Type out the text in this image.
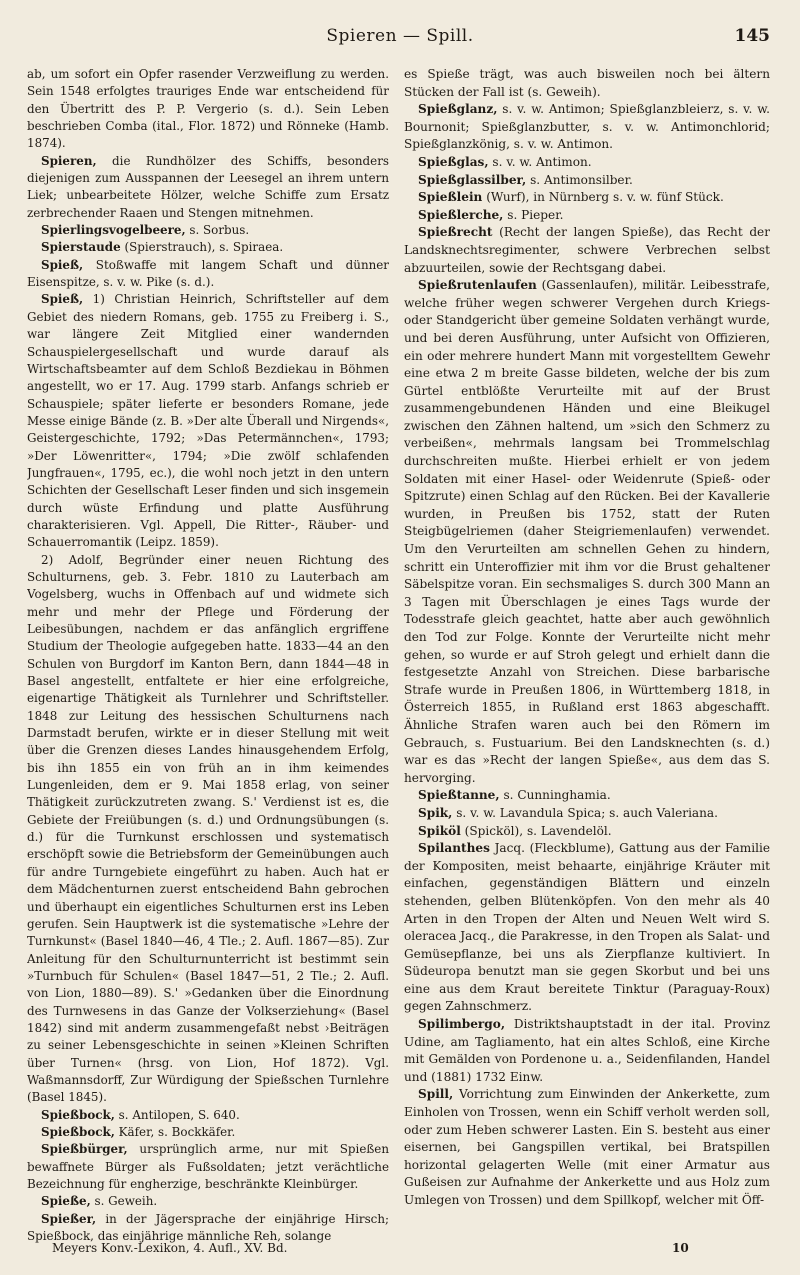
Spieren — Spill.	145

ab, um sofort ein Opfer rasender Verzweiflung zu werden. Sein 1548 erfolgtes trauriges Ende war entscheidend für den Übertritt des P. P. Vergerio (s. d.). Sein Leben beschrieben Comba (ital., Flor. 1872) und Rönneke (Hamb. 1874).

Spieren, die Rundhölzer des Schiffs, besonders diejenigen zum Ausspannen der Leesegel an ihrem untern Liek; unbearbeitete Hölzer, welche Schiffe zum Ersatz zerbrechender Raaen und Stengen mitnehmen.

Spierlingsvogelbeere, s. Sorbus.

Spierstaude (Spierstrauch), s. Spiraea.

Spieß, Stoßwaffe mit langem Schaft und dünner Eisenspitze, s. v. w. Pike (s. d.).

Spieß, 1) Christian Heinrich, Schriftsteller auf dem Gebiet des niedern Romans, geb. 1755 zu Freiberg i. S., war längere Zeit Mitglied einer wandernden Schauspielergesellschaft und wurde darauf als Wirtschaftsbeamter auf dem Schloß Bezdiekau in Böhmen angestellt, wo er 17. Aug. 1799 starb. Anfangs schrieb er Schauspiele; später lieferte er besonders Romane, jede Messe einige Bände (z. B. »Der alte Überall und Nirgends«, Geistergeschichte, 1792; »Das Petermännchen«, 1793; »Der Löwenritter«, 1794; »Die zwölf schlafenden Jungfrauen«, 1795, ec.), die wohl noch jetzt in den untern Schichten der Gesellschaft Leser finden und sich insgemein durch wüste Erfindung und platte Ausführung charakterisieren. Vgl. Appell, Die Ritter-, Räuber- und Schauerromantik (Leipz. 1859).

2) Adolf, Begründer einer neuen Richtung des Schulturnens, geb. 3. Febr. 1810 zu Lauterbach am Vogelsberg, wuchs in Offenbach auf und widmete sich mehr und mehr der Pflege und Förderung der Leibesübungen, nachdem er das anfänglich ergriffene Studium der Theologie aufgegeben hatte. 1833—44 an den Schulen von Burgdorf im Kanton Bern, dann 1844—48 in Basel angestellt, entfaltete er hier eine erfolgreiche, eigenartige Thätigkeit als Turnlehrer und Schriftsteller. 1848 zur Leitung des hessischen Schulturnens nach Darmstadt berufen, wirkte er in dieser Stellung mit weit über die Grenzen dieses Landes hinausgehendem Erfolg, bis ihn 1855 ein von früh an in ihm keimendes Lungenleiden, dem er 9. Mai 1858 erlag, von seiner Thätigkeit zurückzutreten zwang. S.' Verdienst ist es, die Gebiete der Freiübungen (s. d.) und Ordnungsübungen (s. d.) für die Turnkunst erschlossen und systematisch erschöpft sowie die Betriebsform der Gemeinübungen auch für andre Turngebiete eingeführt zu haben. Auch hat er dem Mädchenturnen zuerst entscheidend Bahn gebrochen und überhaupt ein eigentliches Schulturnen erst ins Leben gerufen. Sein Hauptwerk ist die systematische »Lehre der Turnkunst« (Basel 1840—46, 4 Tle.; 2. Aufl. 1867—85). Zur Anleitung für den Schulturnunterricht ist bestimmt sein »Turnbuch für Schulen« (Basel 1847—51, 2 Tle.; 2. Aufl. von Lion, 1880—89). S.' »Gedanken über die Einordnung des Turnwesens in das Ganze der Volkserziehung« (Basel 1842) sind mit anderm zusammengefaßt nebst ›Beiträgen zu seiner Lebensgeschichte in seinen »Kleinen Schriften über Turnen« (hrsg. von Lion, Hof 1872). Vgl. Waßmannsdorff, Zur Würdigung der Spießschen Turnlehre (Basel 1845).

Spießbock, s. Antilopen, S. 640.

Spießbock, Käfer, s. Bockkäfer.

Spießbürger, ursprünglich arme, nur mit Spießen bewaffnete Bürger als Fußsoldaten; jetzt verächtliche Bezeichnung für engherzige, beschränkte Kleinbürger.

Spieße, s. Geweih.

Spießer, in der Jägersprache der einjährige Hirsch; Spießbock, das einjährige männliche Reh, solange

es Spieße trägt, was auch bisweilen noch bei ältern Stücken der Fall ist (s. Geweih).

Spießglanz, s. v. w. Antimon; Spießglanzbleierz, s. v. w. Bournonit; Spießglanzbutter, s. v. w. Antimonchlorid; Spießglanzkönig, s. v. w. Antimon.

Spießglas, s. v. w. Antimon.

Spießglassilber, s. Antimonsilber.

Spießlein (Wurf), in Nürnberg s. v. w. fünf Stück.

Spießlerche, s. Pieper.

Spießrecht (Recht der langen Spieße), das Recht der Landsknechtsregimenter, schwere Verbrechen selbst abzuurteilen, sowie der Rechtsgang dabei.

Spießrutenlaufen (Gassenlaufen), militär. Leibesstrafe, welche früher wegen schwerer Vergehen durch Kriegs- oder Standgericht über gemeine Soldaten verhängt wurde, und bei deren Ausführung, unter Aufsicht von Offizieren, ein oder mehrere hundert Mann mit vorgestelltem Gewehr eine etwa 2 m breite Gasse bildeten, welche der bis zum Gürtel entblößte Verurteilte mit auf der Brust zusammengebundenen Händen und eine Bleikugel zwischen den Zähnen haltend, um »sich den Schmerz zu verbeißen«, mehrmals langsam bei Trommelschlag durchschreiten mußte. Hierbei erhielt er von jedem Soldaten mit einer Hasel- oder Weidenrute (Spieß- oder Spitzrute) einen Schlag auf den Rücken. Bei der Kavallerie wurden, in Preußen bis 1752, statt der Ruten Steigbügelriemen (daher Steigriemenlaufen) verwendet. Um den Verurteilten am schnellen Gehen zu hindern, schritt ein Unteroffizier mit ihm vor die Brust gehaltener Säbelspitze voran. Ein sechsmaliges S. durch 300 Mann an 3 Tagen mit Überschlagen je eines Tags wurde der Todesstrafe gleich geachtet, hatte aber auch gewöhnlich den Tod zur Folge. Konnte der Verurteilte nicht mehr gehen, so wurde er auf Stroh gelegt und erhielt dann die festgesetzte Anzahl von Streichen. Diese barbarische Strafe wurde in Preußen 1806, in Württemberg 1818, in Österreich 1855, in Rußland erst 1863 abgeschafft. Ähnliche Strafen waren auch bei den Römern im Gebrauch, s. Fustuarium. Bei den Landsknechten (s. d.) war es das »Recht der langen Spieße«, aus dem das S. hervorging.

Spießtanne, s. Cunninghamia.

Spik, s. v. w. Lavandula Spica; s. auch Valeriana.

Spiköl (Spicköl), s. Lavendelöl.

Spilanthes Jacq. (Fleckblume), Gattung aus der Familie der Kompositen, meist behaarte, einjährige Kräuter mit einfachen, gegenständigen Blättern und einzeln stehenden, gelben Blütenköpfen. Von den mehr als 40 Arten in den Tropen der Alten und Neuen Welt wird S. oleracea Jacq., die Parakresse, in den Tropen als Salat- und Gemüsepflanze, bei uns als Zierpflanze kultiviert. In Südeuropa benutzt man sie gegen Skorbut und bei uns eine aus dem Kraut bereitete Tinktur (Paraguay-Roux) gegen Zahnschmerz.

Spilimbergo, Distriktshauptstadt in der ital. Provinz Udine, am Tagliamento, hat ein altes Schloß, eine Kirche mit Gemälden von Pordenone u. a., Seidenfilanden, Handel und (1881) 1732 Einw.

Spill, Vorrichtung zum Einwinden der Ankerkette, zum Einholen von Trossen, wenn ein Schiff verholt werden soll, oder zum Heben schwerer Lasten. Ein S. besteht aus einer eisernen, bei Gangspillen vertikal, bei Bratspillen horizontal gelagerten Welle (mit einer Armatur aus Gußeisen zur Aufnahme der Ankerkette und aus Holz zum Umlegen von Trossen) und dem Spillkopf, welcher mit Öff-

Meyers Konv.-Lexikon, 4. Aufl., XV. Bd.	10
